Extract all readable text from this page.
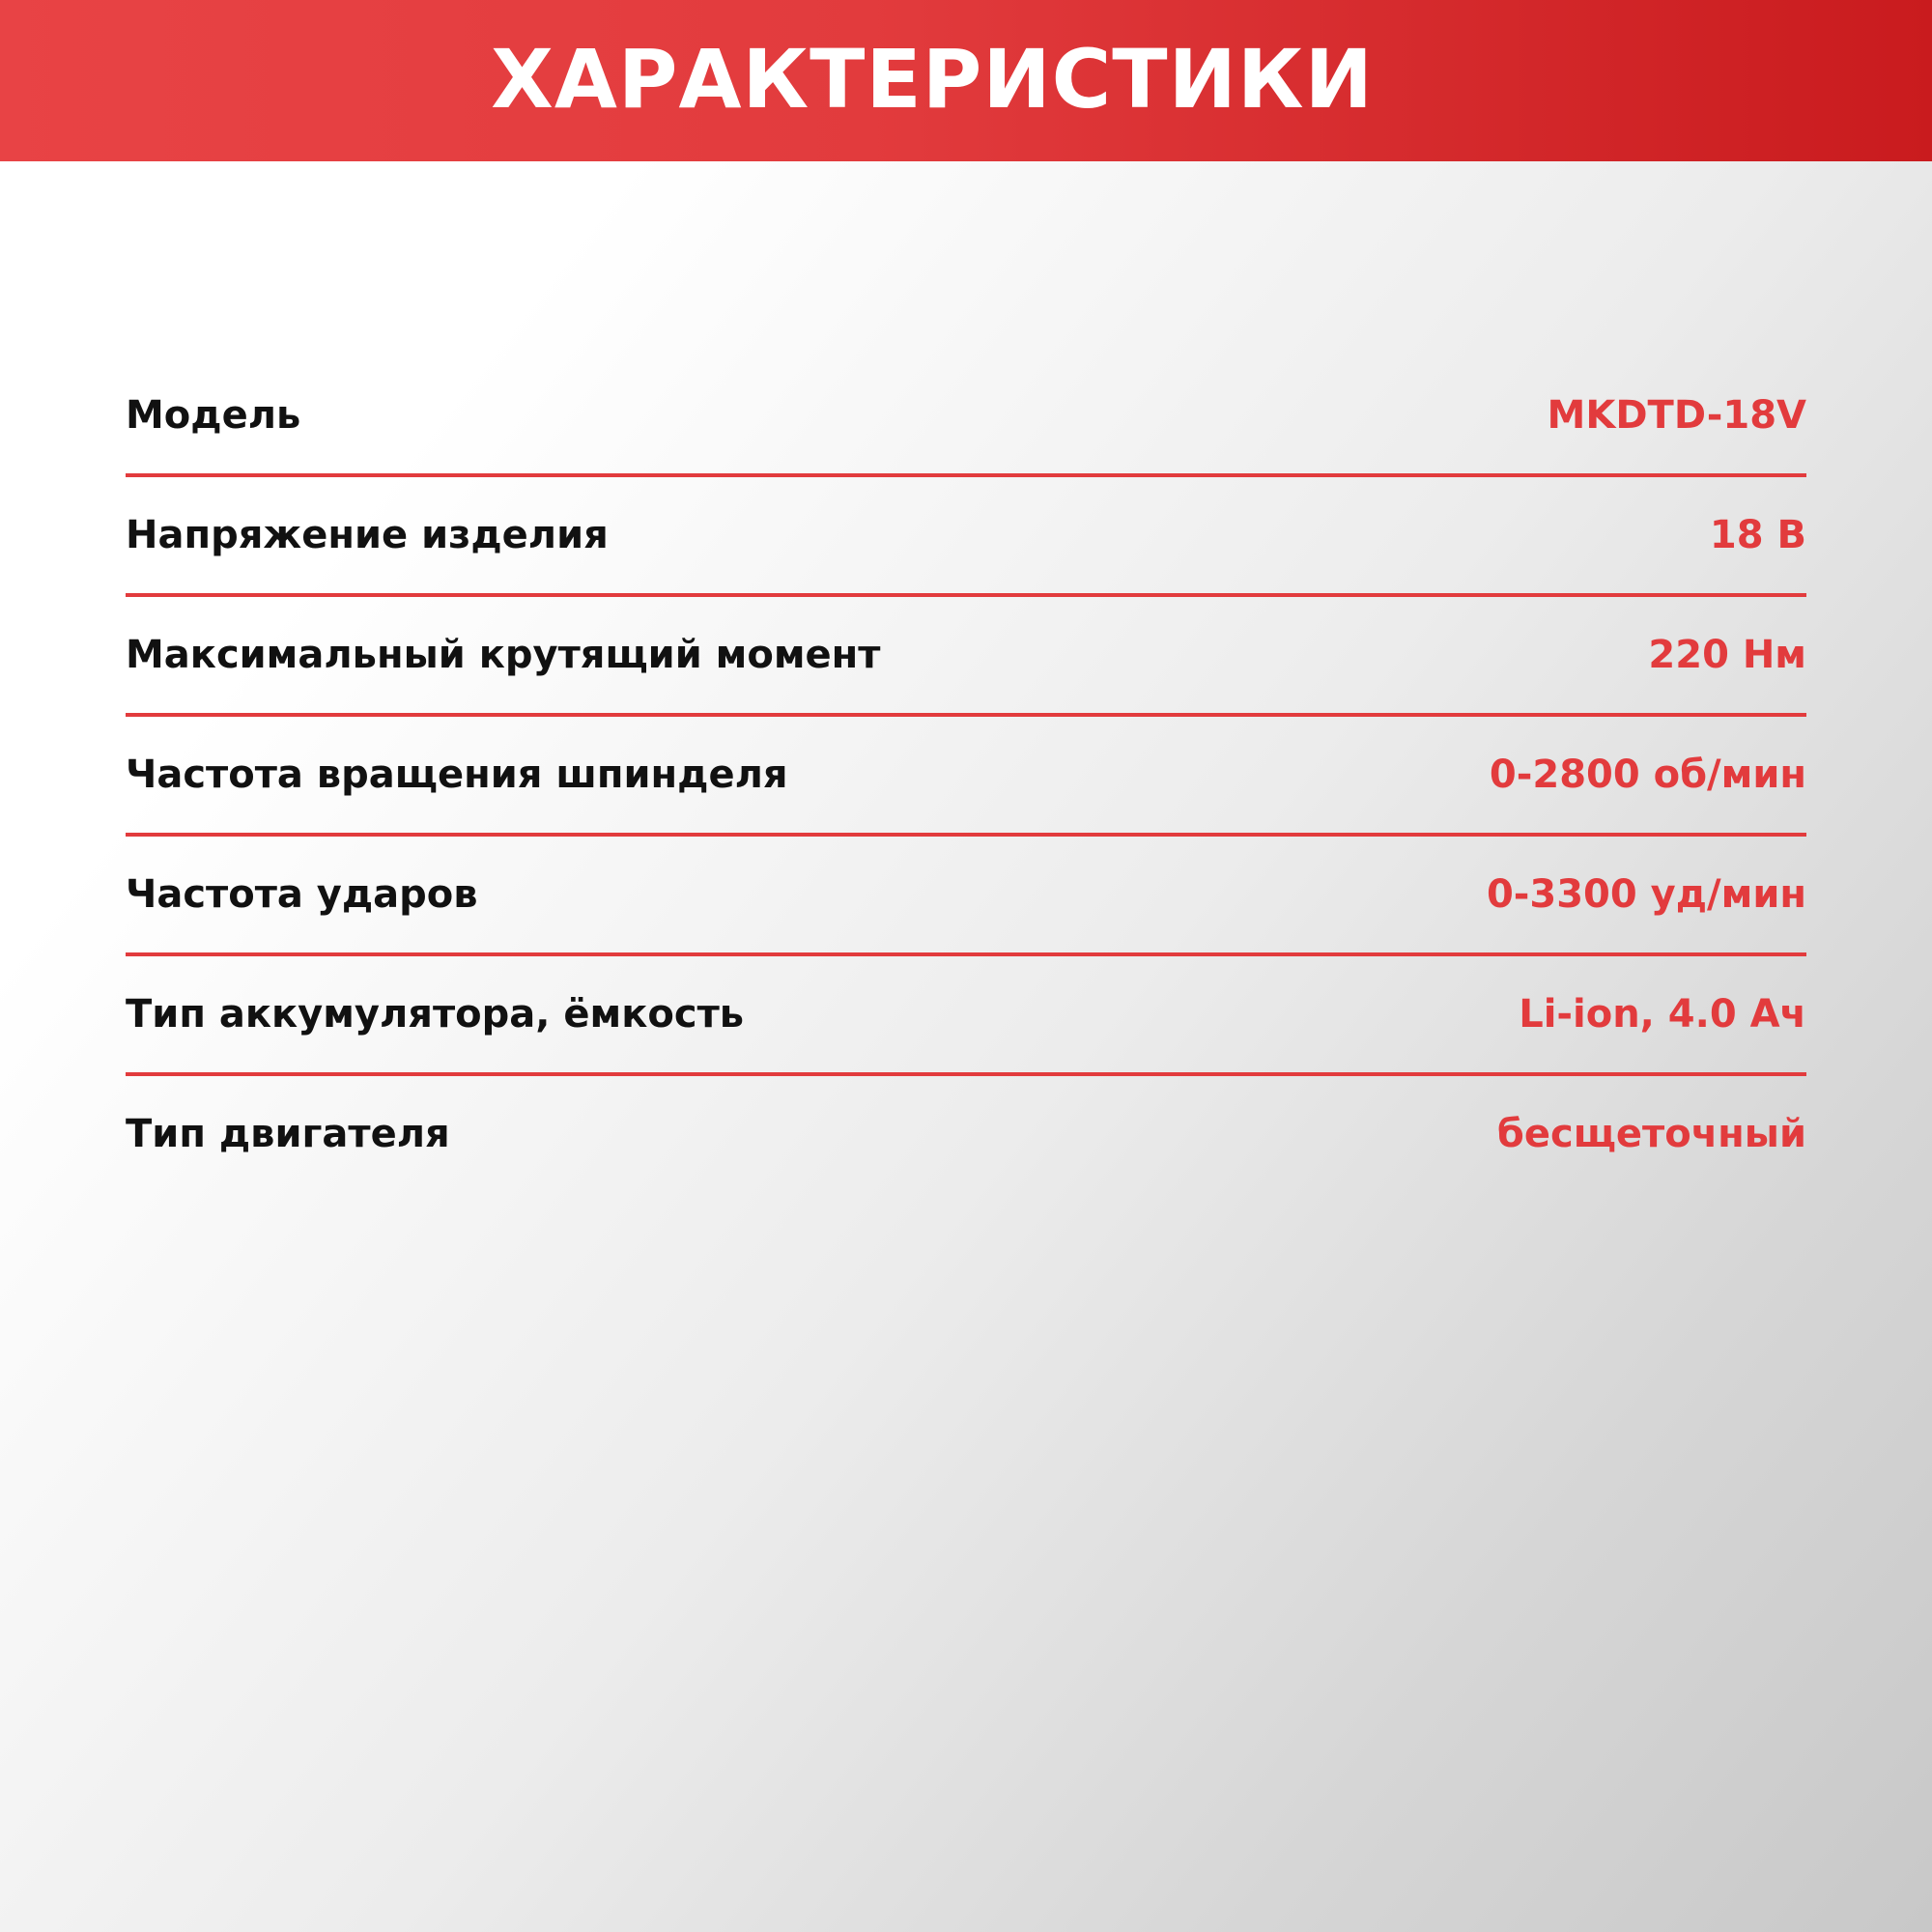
ХАРАКТЕРИСТИКИ
Модель	MKDTD-18V
Напряжение изделия	18 В
Максимальный крутящий момент	220 Нм
Частота вращения шпинделя	0-2800 об/мин
Частота ударов	0-3300 уд/мин
Тип аккумулятора, ёмкость	Li-ion, 4.0 Ач
Тип двигателя	бесщеточный
